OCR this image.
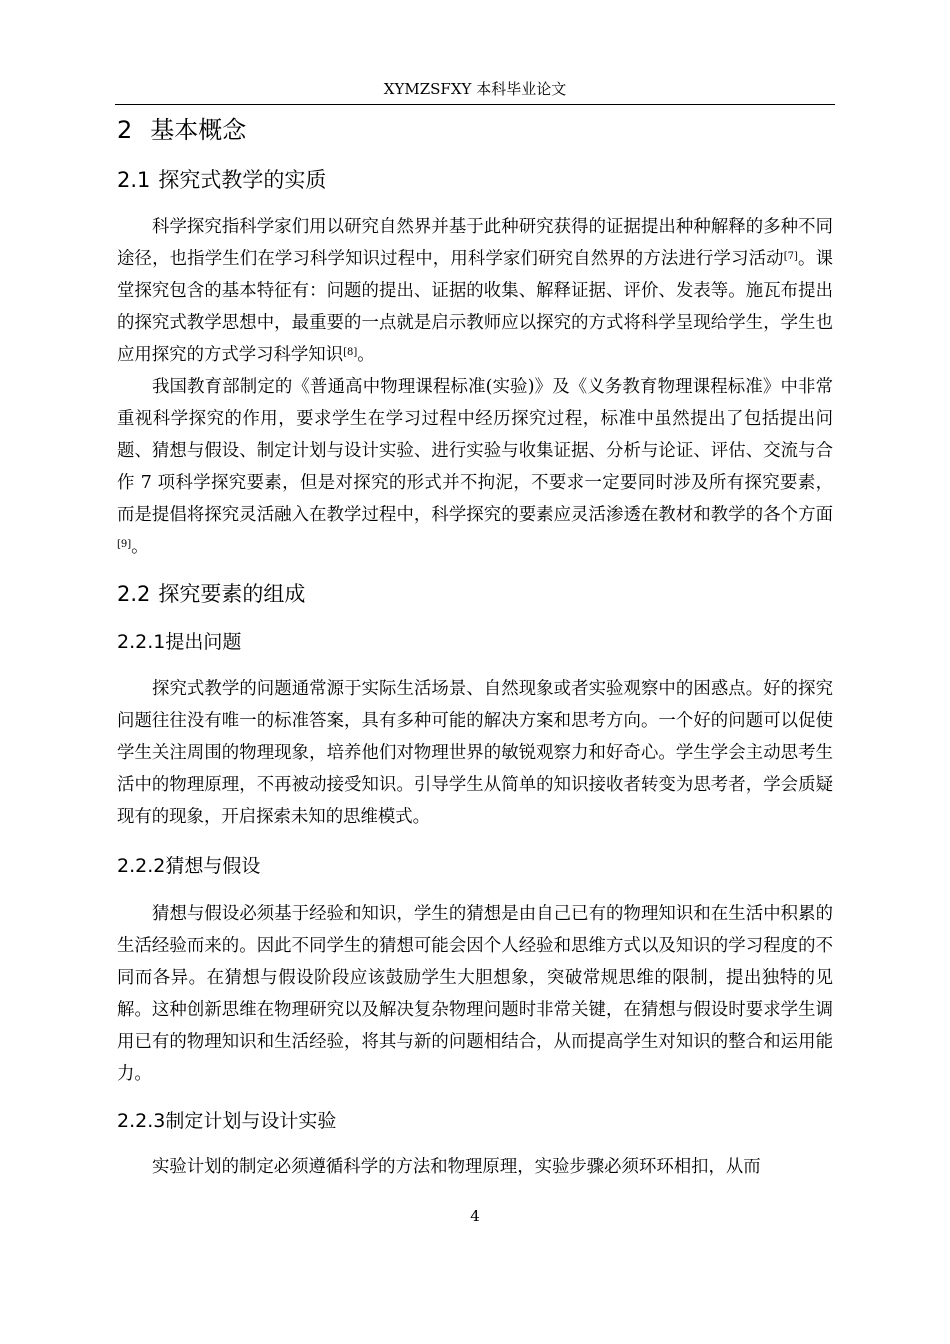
XYMZSFXY 本科毕业论文
2 基本概念
2.1 探究式教学的实质

科学探究指科学家们用以研究自然界并基于此种研究获得的证据提出种种解释的多种不同途径，也指学生们在学习科学知识过程中，用科学家们研究自然界的方法进行学习活动[7]。课堂探究包含的基本特征有：问题的提出、证据的收集、解释证据、评价、发表等。施瓦布提出的探究式教学思想中，最重要的一点就是启示教师应以探究的方式将科学呈现给学生，学生也应用探究的方式学习科学知识[8]。

我国教育部制定的《普通高中物理课程标准(实验)》及《义务教育物理课程标准》中非常重视科学探究的作用，要求学生在学习过程中经历探究过程，标准中虽然提出了包括提出问题、猜想与假设、制定计划与设计实验、进行实验与收集证据、分析与论证、评估、交流与合作 7 项科学探究要素，但是对探究的形式并不拘泥，不要求一定要同时涉及所有探究要素，而是提倡将探究灵活融入在教学过程中，科学探究的要素应灵活渗透在教材和教学的各个方面[9]。

2.2 探究要素的组成
2.2.1提出问题

探究式教学的问题通常源于实际生活场景、自然现象或者实验观察中的困惑点。好的探究问题往往没有唯一的标准答案，具有多种可能的解决方案和思考方向。一个好的问题可以促使学生关注周围的物理现象，培养他们对物理世界的敏锐观察力和好奇心。学生学会主动思考生活中的物理原理，不再被动接受知识。引导学生从简单的知识接收者转变为思考者，学会质疑现有的现象，开启探索未知的思维模式。

2.2.2猜想与假设

猜想与假设必须基于经验和知识，学生的猜想是由自己已有的物理知识和在生活中积累的生活经验而来的。因此不同学生的猜想可能会因个人经验和思维方式以及知识的学习程度的不同而各异。在猜想与假设阶段应该鼓励学生大胆想象，突破常规思维的限制，提出独特的见解。这种创新思维在物理研究以及解决复杂物理问题时非常关键，在猜想与假设时要求学生调用已有的物理知识和生活经验，将其与新的问题相结合，从而提高学生对知识的整合和运用能力。

2.2.3制定计划与设计实验

实验计划的制定必须遵循科学的方法和物理原理，实验步骤必须环环相扣，从而

4
